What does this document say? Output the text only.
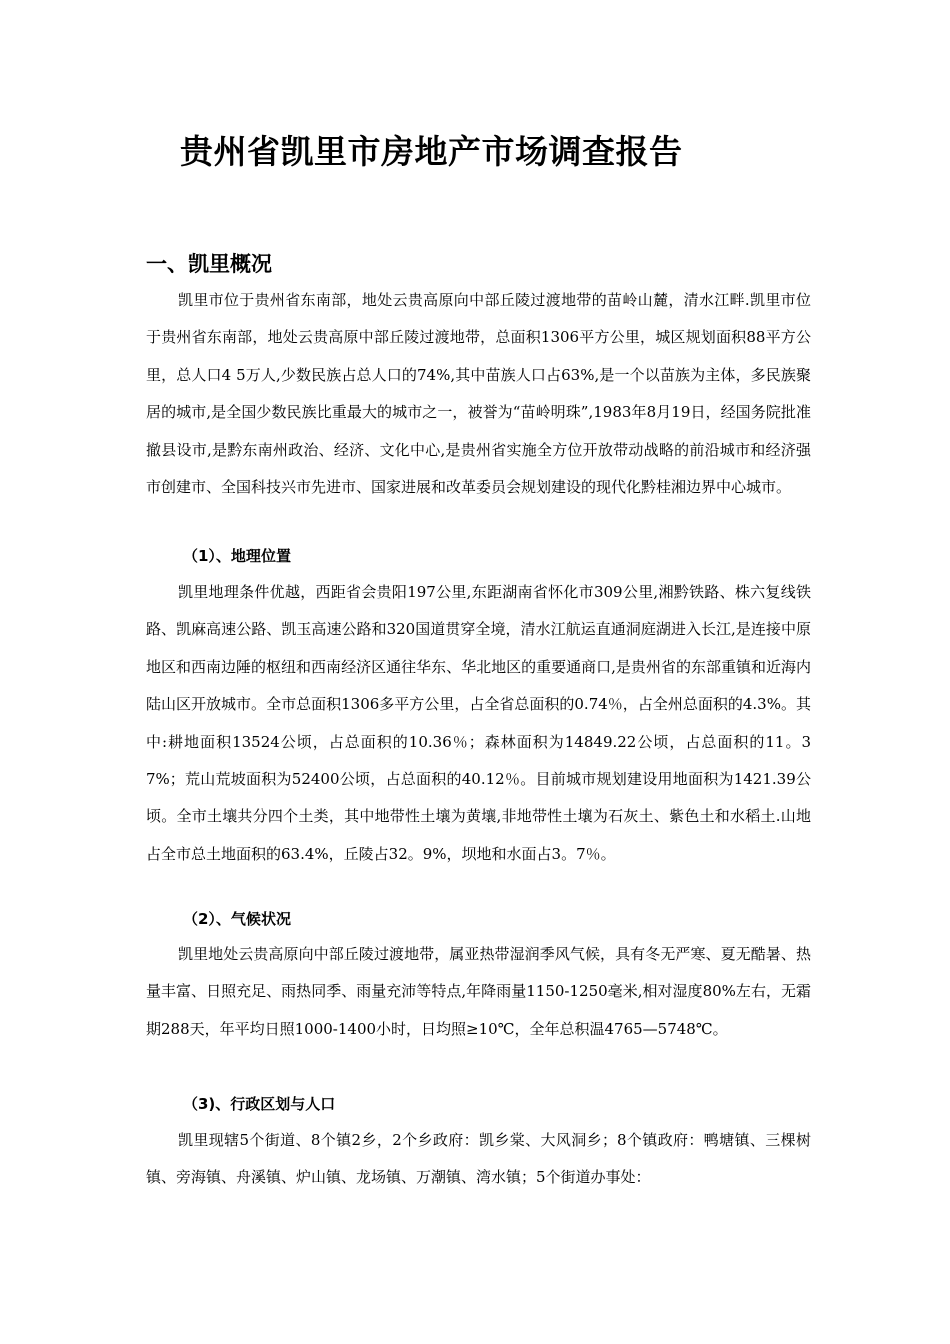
贵州省凯里市房地产市场调查报告
一、凯里概况

凯里市位于贵州省东南部，地处云贵高原向中部丘陵过渡地带的苗岭山麓，清水江畔.凯里市位于贵州省东南部，地处云贵高原中部丘陵过渡地带，总面积1306平方公里，城区规划面积88平方公里，总人口4 5万人,少数民族占总人口的74%,其中苗族人口占63%,是一个以苗族为主体，多民族聚居的城市,是全国少数民族比重最大的城市之一，被誉为“苗岭明珠”,1983年8月19日，经国务院批准撤县设市,是黔东南州政治、经济、文化中心,是贵州省实施全方位开放带动战略的前沿城市和经济强市创建市、全国科技兴市先进市、国家进展和改革委员会规划建设的现代化黔桂湘边界中心城市。

（1）、地理位置

凯里地理条件优越，西距省会贵阳197公里,东距湖南省怀化市309公里,湘黔铁路、株六复线铁路、凯麻高速公路、凯玉高速公路和320国道贯穿全境，清水江航运直通洞庭湖进入长江,是连接中原地区和西南边陲的枢纽和西南经济区通往华东、华北地区的重要通商口,是贵州省的东部重镇和近海内陆山区开放城市。全市总面积1306多平方公里，占全省总面积的0.74％，占全州总面积的4.3%。其中:耕地面积13524公顷，占总面积的10.36％；森林面积为14849.22公顷，占总面积的11。37%；荒山荒坡面积为52400公顷，占总面积的40.12％。目前城市规划建设用地面积为1421.39公顷。全市土壤共分四个土类，其中地带性土壤为黄壤,非地带性土壤为石灰土、紫色土和水稻土.山地占全市总土地面积的63.4%，丘陵占32。9%，坝地和水面占3。7％。

（2）、气候状况

凯里地处云贵高原向中部丘陵过渡地带，属亚热带湿润季风气候，具有冬无严寒、夏无酷暑、热量丰富、日照充足、雨热同季、雨量充沛等特点,年降雨量1150-1250毫米,相对湿度80%左右，无霜期288天，年平均日照1000-1400小时，日均照≥10℃，全年总积温4765—5748℃。

（3)、行政区划与人口

凯里现辖5个街道、8个镇2乡，2个乡政府：凯乡棠、大风洞乡；8个镇政府：鸭塘镇、三棵树镇、旁海镇、舟溪镇、炉山镇、龙场镇、万潮镇、湾水镇；5个街道办事处：
